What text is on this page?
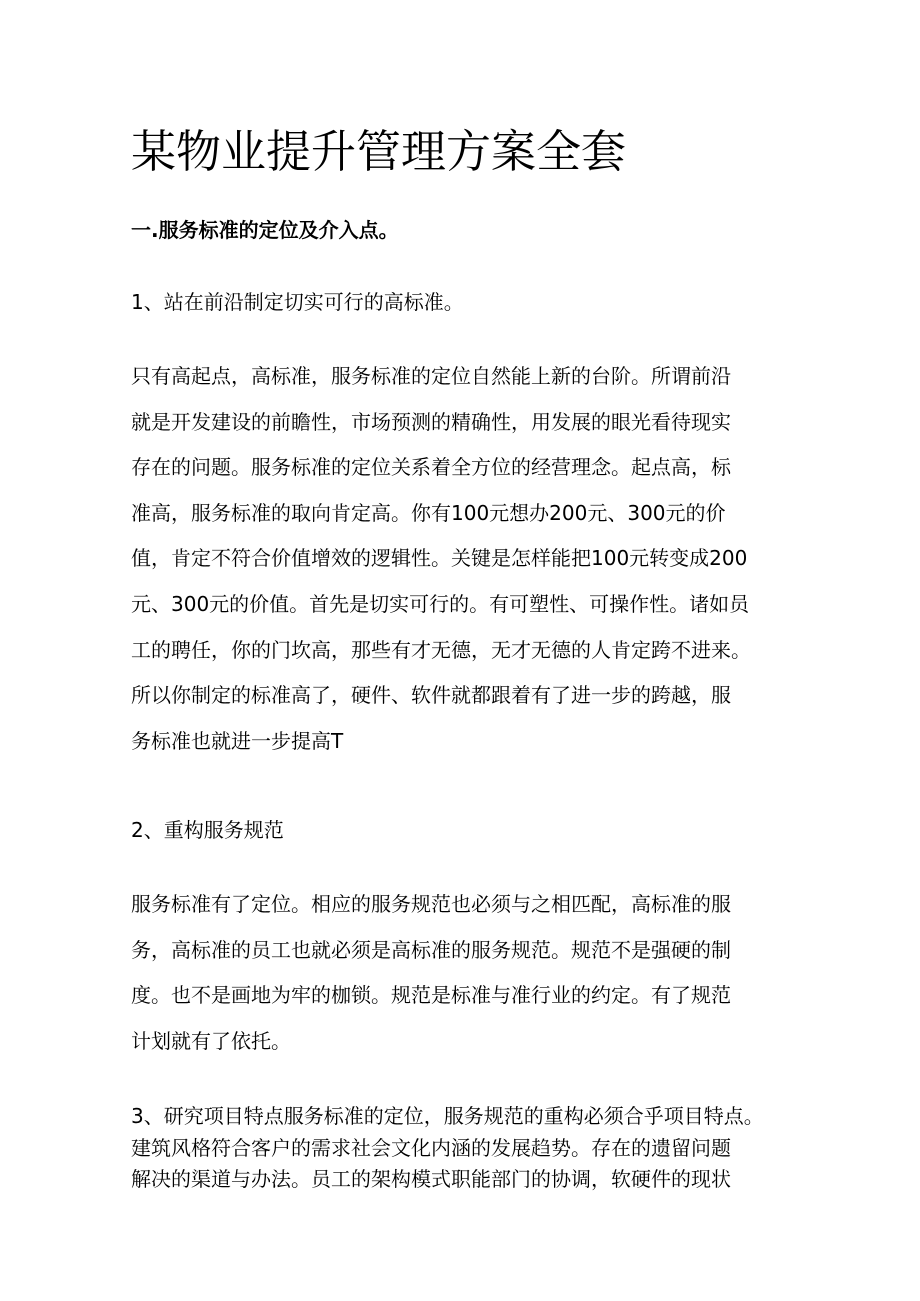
某物业提升管理方案全套
一.服务标准的定位及介入点。
1、站在前沿制定切实可行的高标准。
只有高起点，高标准，服务标准的定位自然能上新的台阶。所谓前沿
就是开发建设的前瞻性，市场预测的精确性，用发展的眼光看待现实
存在的问题。服务标准的定位关系着全方位的经营理念。起点高，标
准高，服务标准的取向肯定高。你有100元想办200元、300元的价
值，肯定不符合价值增效的逻辑性。关键是怎样能把100元转变成200
元、300元的价值。首先是切实可行的。有可塑性、可操作性。诸如员
工的聘任，你的门坎高，那些有才无德，无才无德的人肯定跨不进来。
所以你制定的标准高了，硬件、软件就都跟着有了进一步的跨越，服
务标准也就进一步提高T
2、重构服务规范
服务标准有了定位。相应的服务规范也必须与之相匹配，高标准的服
务，高标准的员工也就必须是高标准的服务规范。规范不是强硬的制
度。也不是画地为牢的枷锁。规范是标准与准行业的约定。有了规范
计划就有了依托。
3、研究项目特点服务标准的定位，服务规范的重构必须合乎项目特点。
建筑风格符合客户的需求社会文化内涵的发展趋势。存在的遗留问题
解决的渠道与办法。员工的架构模式职能部门的协调，软硬件的现状
